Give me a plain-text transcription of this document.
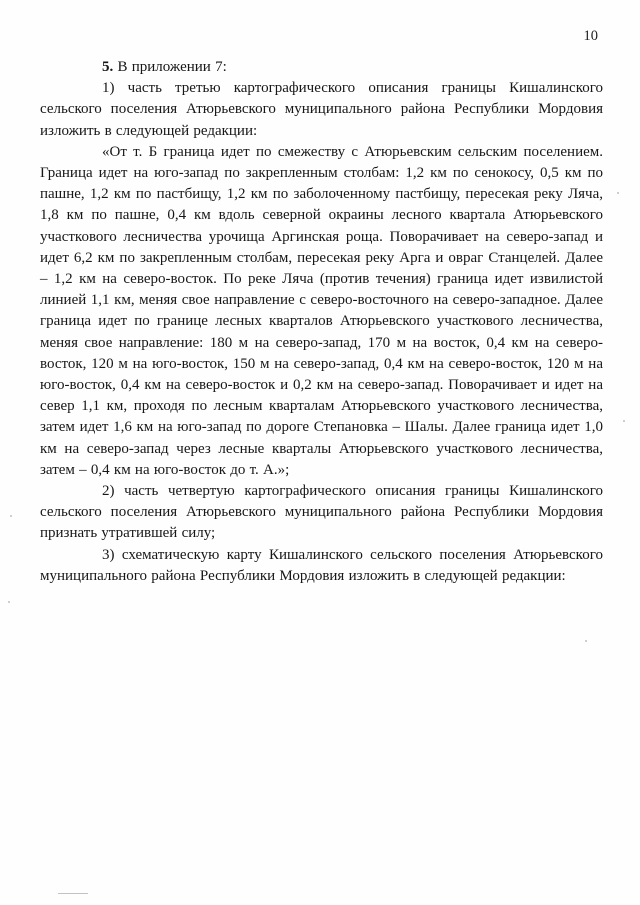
10

5. В приложении 7:

1) часть третью картографического описания границы Кишалинского сельского поселения Атюрьевского муниципального района Республики Мордовия изложить в следующей редакции:

«От т. Б граница идет по смежеству с Атюрьевским сельским поселением. Граница идет на юго-запад по закрепленным столбам: 1,2 км по сенокосу, 0,5 км по пашне, 1,2 км по пастбищу, 1,2 км по заболоченному пастбищу, пересекая реку Ляча, 1,8 км по пашне, 0,4 км вдоль северной окраины лесного квартала Атюрьевского участкового лесничества урочища Аргинская роща. Поворачивает на северо-запад и идет 6,2 км по закрепленным столбам, пересекая реку Арга и овраг Станцелей. Далее – 1,2 км на северо-восток. По реке Ляча (против течения) граница идет извилистой линией 1,1 км, меняя свое направление с северо-восточного на северо-западное. Далее граница идет по границе лесных кварталов Атюрьевского участкового лесничества, меняя свое направление: 180 м на северо-запад, 170 м на восток, 0,4 км на северо-восток, 120 м на юго-восток, 150 м на северо-запад, 0,4 км на северо-восток, 120 м на юго-восток, 0,4 км на северо-восток и 0,2 км на северо-запад. Поворачивает и идет на север 1,1 км, проходя по лесным кварталам Атюрьевского участкового лесничества, затем идет 1,6 км на юго-запад по дороге Степановка – Шалы. Далее граница идет 1,0 км на северо-запад через лесные кварталы Атюрьевского участкового лесничества, затем – 0,4 км на юго-восток до т. А.»;

2) часть четвертую картографического описания границы Кишалинского сельского поселения Атюрьевского муниципального района Республики Мордовия признать утратившей силу;

3) схематическую карту Кишалинского сельского поселения Атюрьевского муниципального района Республики Мордовия изложить в следующей редакции:
